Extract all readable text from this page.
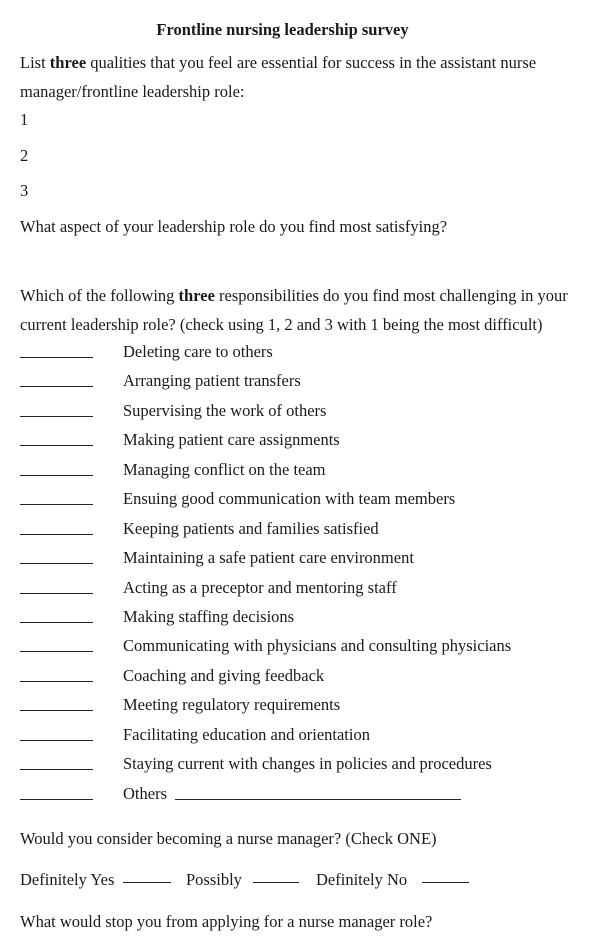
Frontline nursing leadership survey
List three qualities that you feel are essential for success in the assistant nurse manager/frontline leadership role:
1
2
3
What aspect of your leadership role do you find most satisfying?
Which of the following three responsibilities do you find most challenging in your current leadership role? (check using 1, 2 and 3 with 1 being the most difficult)
Deleting care to others
Arranging patient transfers
Supervising the work of others
Making patient care assignments
Managing conflict on the team
Ensuing good communication with team members
Keeping patients and families satisfied
Maintaining a safe patient care environment
Acting as a preceptor and mentoring staff
Making staffing decisions
Communicating with physicians and consulting physicians
Coaching and giving feedback
Meeting regulatory requirements
Facilitating education and orientation
Staying current with changes in policies and procedures
Others
Would you consider becoming a nurse manager? (Check ONE)
Definitely Yes	Possibly	Definitely No
What would stop you from applying for a nurse manager role?
